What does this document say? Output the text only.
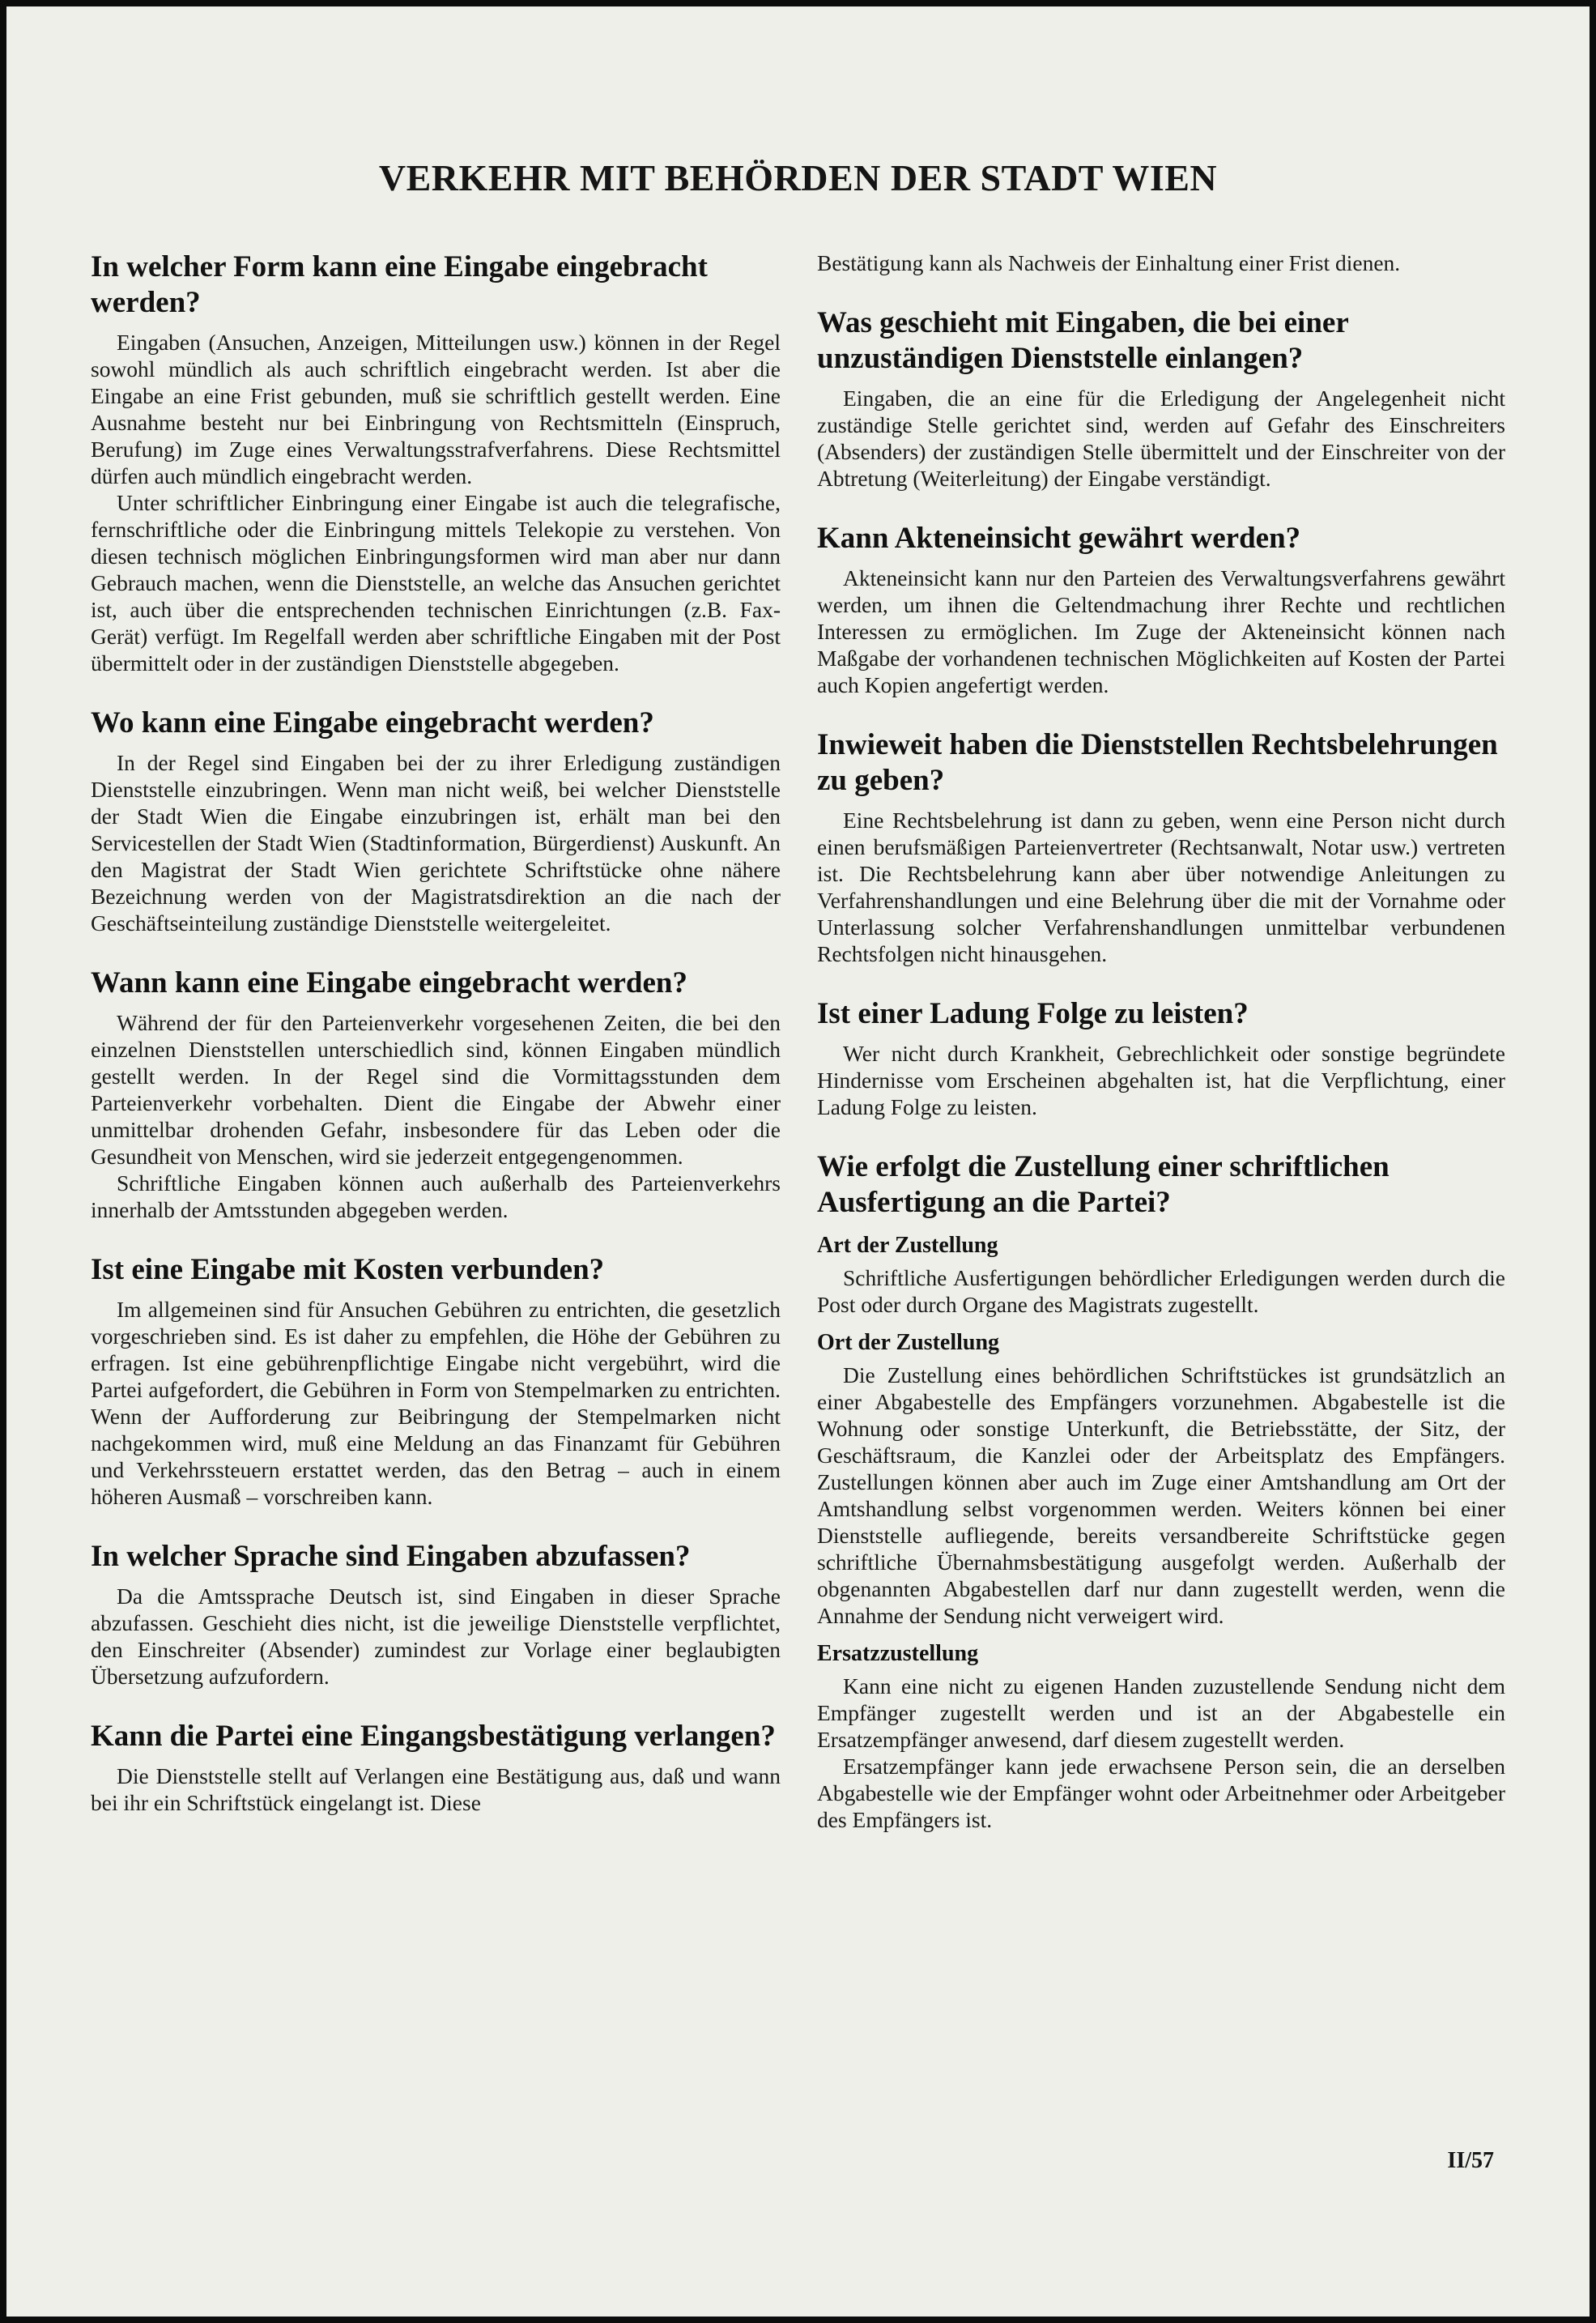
VERKEHR MIT BEHÖRDEN DER STADT WIEN
In welcher Form kann eine Eingabe eingebracht werden?

Eingaben (Ansuchen, Anzeigen, Mitteilungen usw.) können in der Regel sowohl mündlich als auch schriftlich eingebracht werden. Ist aber die Eingabe an eine Frist gebunden, muß sie schriftlich gestellt werden. Eine Ausnahme besteht nur bei Einbringung von Rechtsmitteln (Einspruch, Berufung) im Zuge eines Verwaltungsstrafverfahrens. Diese Rechtsmittel dürfen auch mündlich eingebracht werden.

Unter schriftlicher Einbringung einer Eingabe ist auch die telegrafische, fernschriftliche oder die Einbringung mittels Telekopie zu verstehen. Von diesen technisch möglichen Einbringungsformen wird man aber nur dann Gebrauch machen, wenn die Dienststelle, an welche das Ansuchen gerichtet ist, auch über die entsprechenden technischen Einrichtungen (z.B. Fax-Gerät) verfügt. Im Regelfall werden aber schriftliche Eingaben mit der Post übermittelt oder in der zuständigen Dienststelle abgegeben.

Wo kann eine Eingabe eingebracht werden?

In der Regel sind Eingaben bei der zu ihrer Erledigung zuständigen Dienststelle einzubringen. Wenn man nicht weiß, bei welcher Dienststelle der Stadt Wien die Eingabe einzubringen ist, erhält man bei den Servicestellen der Stadt Wien (Stadtinformation, Bürgerdienst) Auskunft. An den Magistrat der Stadt Wien gerichtete Schriftstücke ohne nähere Bezeichnung werden von der Magistratsdirektion an die nach der Geschäftseinteilung zuständige Dienststelle weitergeleitet.

Wann kann eine Eingabe eingebracht werden?

Während der für den Parteienverkehr vorgesehenen Zeiten, die bei den einzelnen Dienststellen unterschiedlich sind, können Eingaben mündlich gestellt werden. In der Regel sind die Vormittagsstunden dem Parteienverkehr vorbehalten. Dient die Eingabe der Abwehr einer unmittelbar drohenden Gefahr, insbesondere für das Leben oder die Gesundheit von Menschen, wird sie jederzeit entgegengenommen.

Schriftliche Eingaben können auch außerhalb des Parteienverkehrs innerhalb der Amtsstunden abgegeben werden.

Ist eine Eingabe mit Kosten verbunden?

Im allgemeinen sind für Ansuchen Gebühren zu entrichten, die gesetzlich vorgeschrieben sind. Es ist daher zu empfehlen, die Höhe der Gebühren zu erfragen. Ist eine gebührenpflichtige Eingabe nicht vergebührt, wird die Partei aufgefordert, die Gebühren in Form von Stempelmarken zu entrichten. Wenn der Aufforderung zur Beibringung der Stempelmarken nicht nachgekommen wird, muß eine Meldung an das Finanzamt für Gebühren und Verkehrssteuern erstattet werden, das den Betrag – auch in einem höheren Ausmaß – vorschreiben kann.

In welcher Sprache sind Eingaben abzufassen?

Da die Amtssprache Deutsch ist, sind Eingaben in dieser Sprache abzufassen. Geschieht dies nicht, ist die jeweilige Dienststelle verpflichtet, den Einschreiter (Absender) zumindest zur Vorlage einer beglaubigten Übersetzung aufzufordern.

Kann die Partei eine Eingangsbestätigung verlangen?

Die Dienststelle stellt auf Verlangen eine Bestätigung aus, daß und wann bei ihr ein Schriftstück eingelangt ist. Diese

Bestätigung kann als Nachweis der Einhaltung einer Frist dienen.

Was geschieht mit Eingaben, die bei einer unzuständigen Dienststelle einlangen?

Eingaben, die an eine für die Erledigung der Angelegenheit nicht zuständige Stelle gerichtet sind, werden auf Gefahr des Einschreiters (Absenders) der zuständigen Stelle übermittelt und der Einschreiter von der Abtretung (Weiterleitung) der Eingabe verständigt.

Kann Akteneinsicht gewährt werden?

Akteneinsicht kann nur den Parteien des Verwaltungsverfahrens gewährt werden, um ihnen die Geltendmachung ihrer Rechte und rechtlichen Interessen zu ermöglichen. Im Zuge der Akteneinsicht können nach Maßgabe der vorhandenen technischen Möglichkeiten auf Kosten der Partei auch Kopien angefertigt werden.

Inwieweit haben die Dienststellen Rechtsbelehrungen zu geben?

Eine Rechtsbelehrung ist dann zu geben, wenn eine Person nicht durch einen berufsmäßigen Parteienvertreter (Rechtsanwalt, Notar usw.) vertreten ist. Die Rechtsbelehrung kann aber über notwendige Anleitungen zu Verfahrenshandlungen und eine Belehrung über die mit der Vornahme oder Unterlassung solcher Verfahrenshandlungen unmittelbar verbundenen Rechtsfolgen nicht hinausgehen.

Ist einer Ladung Folge zu leisten?

Wer nicht durch Krankheit, Gebrechlichkeit oder sonstige begründete Hindernisse vom Erscheinen abgehalten ist, hat die Verpflichtung, einer Ladung Folge zu leisten.

Wie erfolgt die Zustellung einer schriftlichen Ausfertigung an die Partei?
Art der Zustellung

Schriftliche Ausfertigungen behördlicher Erledigungen werden durch die Post oder durch Organe des Magistrats zugestellt.

Ort der Zustellung

Die Zustellung eines behördlichen Schriftstückes ist grundsätzlich an einer Abgabestelle des Empfängers vorzunehmen. Abgabestelle ist die Wohnung oder sonstige Unterkunft, die Betriebsstätte, der Sitz, der Geschäftsraum, die Kanzlei oder der Arbeitsplatz des Empfängers. Zustellungen können aber auch im Zuge einer Amtshandlung am Ort der Amtshandlung selbst vorgenommen werden. Weiters können bei einer Dienststelle aufliegende, bereits versandbereite Schriftstücke gegen schriftliche Übernahmsbestätigung ausgefolgt werden. Außerhalb der obgenannten Abgabestellen darf nur dann zugestellt werden, wenn die Annahme der Sendung nicht verweigert wird.

Ersatzzustellung

Kann eine nicht zu eigenen Handen zuzustellende Sendung nicht dem Empfänger zugestellt werden und ist an der Abgabestelle ein Ersatzempfänger anwesend, darf diesem zugestellt werden.

Ersatzempfänger kann jede erwachsene Person sein, die an derselben Abgabestelle wie der Empfänger wohnt oder Arbeitnehmer oder Arbeitgeber des Empfängers ist.

II/57
